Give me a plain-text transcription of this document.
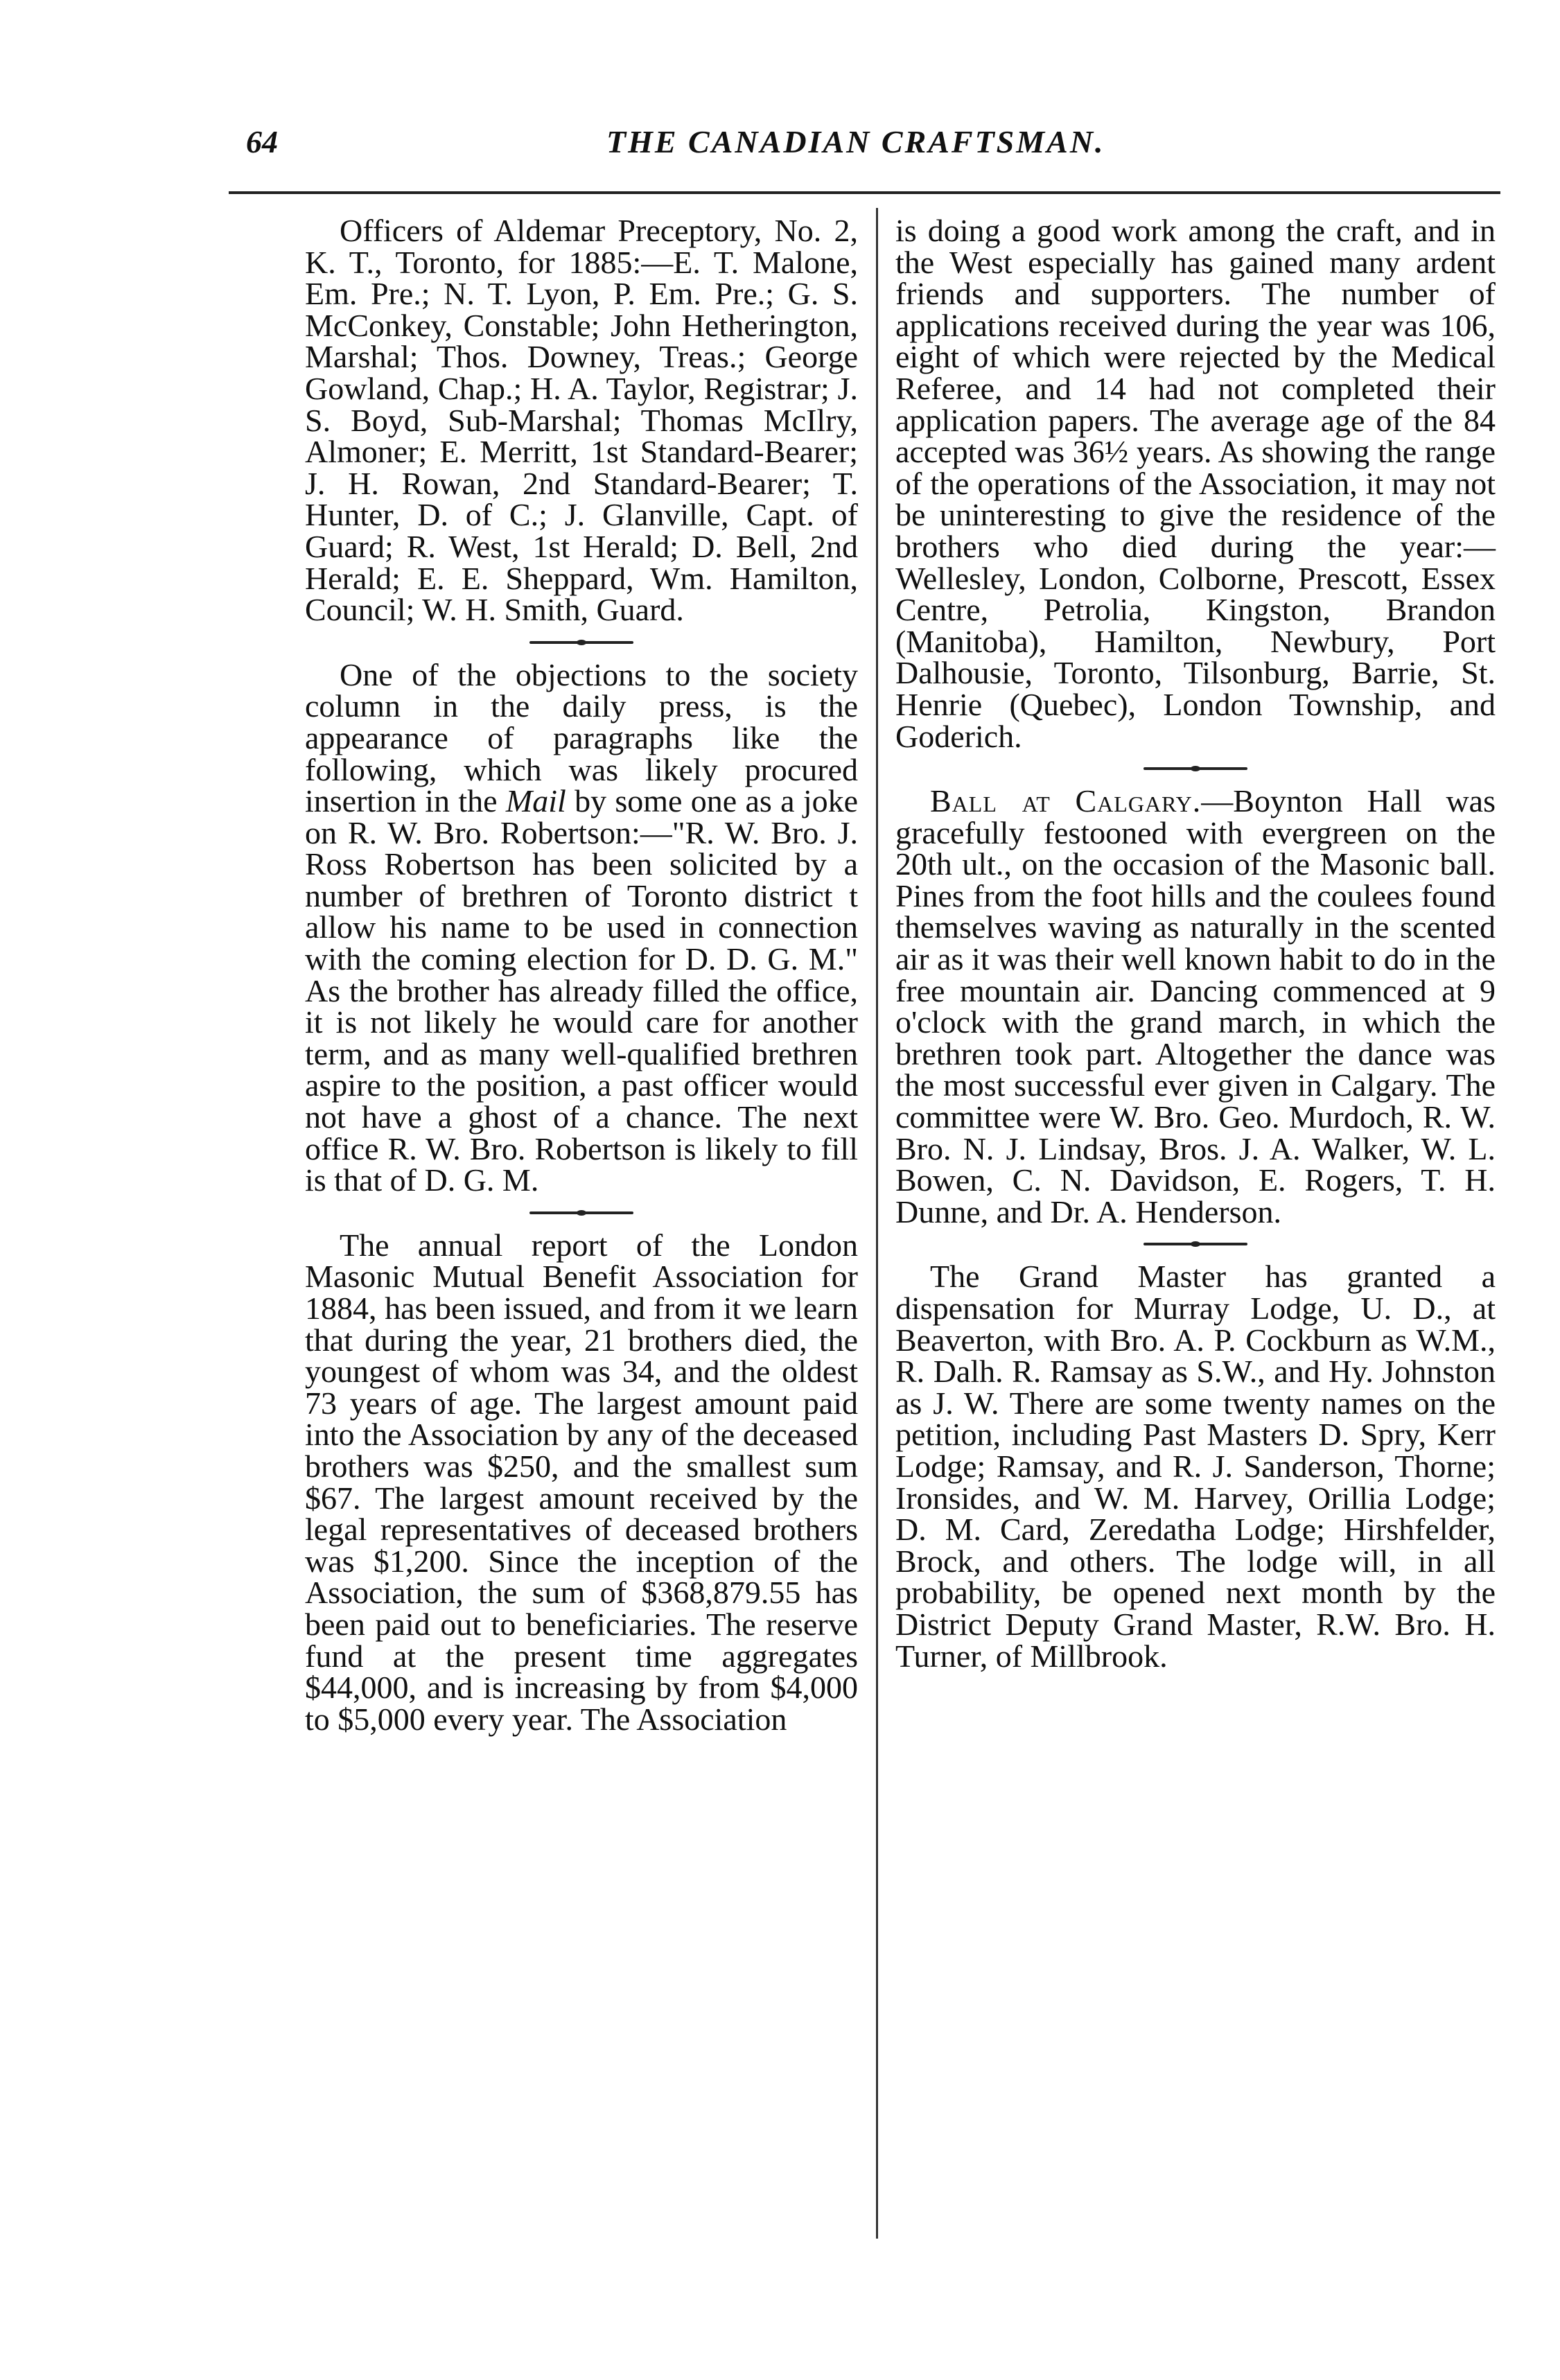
64	THE CANADIAN CRAFTSMAN.

Officers of Aldemar Preceptory, No. 2, K. T., Toronto, for 1885:—E. T. Malone, Em. Pre.; N. T. Lyon, P. Em. Pre.; G. S. McConkey, Constable; John Hetherington, Marshal; Thos. Downey, Treas.; George Gowland, Chap.; H. A. Taylor, Registrar; J. S. Boyd, Sub-Marshal; Thomas McIlry, Almoner; E. Merritt, 1st Standard-Bearer; J. H. Rowan, 2nd Standard-Bearer; T. Hunter, D. of C.; J. Glanville, Capt. of Guard; R. West, 1st Herald; D. Bell, 2nd Herald; E. E. Sheppard, Wm. Hamilton, Council; W. H. Smith, Guard.

One of the objections to the society column in the daily press, is the appearance of paragraphs like the following, which was likely procured insertion in the Mail by some one as a joke on R. W. Bro. Robertson:—"R. W. Bro. J. Ross Robertson has been solicited by a number of brethren of Toronto district t allow his name to be used in connection with the coming election for D. D. G. M." As the brother has already filled the office, it is not likely he would care for another term, and as many well-qualified brethren aspire to the position, a past officer would not have a ghost of a chance. The next office R. W. Bro. Robertson is likely to fill is that of D. G. M.

The annual report of the London Masonic Mutual Benefit Association for 1884, has been issued, and from it we learn that during the year, 21 brothers died, the youngest of whom was 34, and the oldest 73 years of age. The largest amount paid into the Association by any of the deceased brothers was $250, and the smallest sum $67. The largest amount received by the legal representatives of deceased brothers was $1,200. Since the inception of the Association, the sum of $368,879.55 has been paid out to beneficiaries. The reserve fund at the present time aggregates $44,000, and is increasing by from $4,000 to $5,000 every year. The Association

is doing a good work among the craft, and in the West especially has gained many ardent friends and supporters. The number of applications received during the year was 106, eight of which were rejected by the Medical Referee, and 14 had not completed their application papers. The average age of the 84 accepted was 36½ years. As showing the range of the operations of the Association, it may not be uninteresting to give the residence of the brothers who died during the year:—Wellesley, London, Colborne, Prescott, Essex Centre, Petrolia, Kingston, Brandon (Manitoba), Hamilton, Newbury, Port Dalhousie, Toronto, Tilsonburg, Barrie, St. Henrie (Quebec), London Township, and Goderich.

Ball at Calgary.—Boynton Hall was gracefully festooned with evergreen on the 20th ult., on the occasion of the Masonic ball. Pines from the foot hills and the coulees found themselves waving as naturally in the scented air as it was their well known habit to do in the free mountain air. Dancing commenced at 9 o'clock with the grand march, in which the brethren took part. Altogether the dance was the most successful ever given in Calgary. The committee were W. Bro. Geo. Murdoch, R. W. Bro. N. J. Lindsay, Bros. J. A. Walker, W. L. Bowen, C. N. Davidson, E. Rogers, T. H. Dunne, and Dr. A. Henderson.

The Grand Master has granted a dispensation for Murray Lodge, U. D., at Beaverton, with Bro. A. P. Cockburn as W.M., R. Dalh. R. Ramsay as S.W., and Hy. Johnston as J. W. There are some twenty names on the petition, including Past Masters D. Spry, Kerr Lodge; Ramsay, and R. J. Sanderson, Thorne; Ironsides, and W. M. Harvey, Orillia Lodge; D. M. Card, Zeredatha Lodge; Hirshfelder, Brock, and others. The lodge will, in all probability, be opened next month by the District Deputy Grand Master, R.W. Bro. H. Turner, of Millbrook.
